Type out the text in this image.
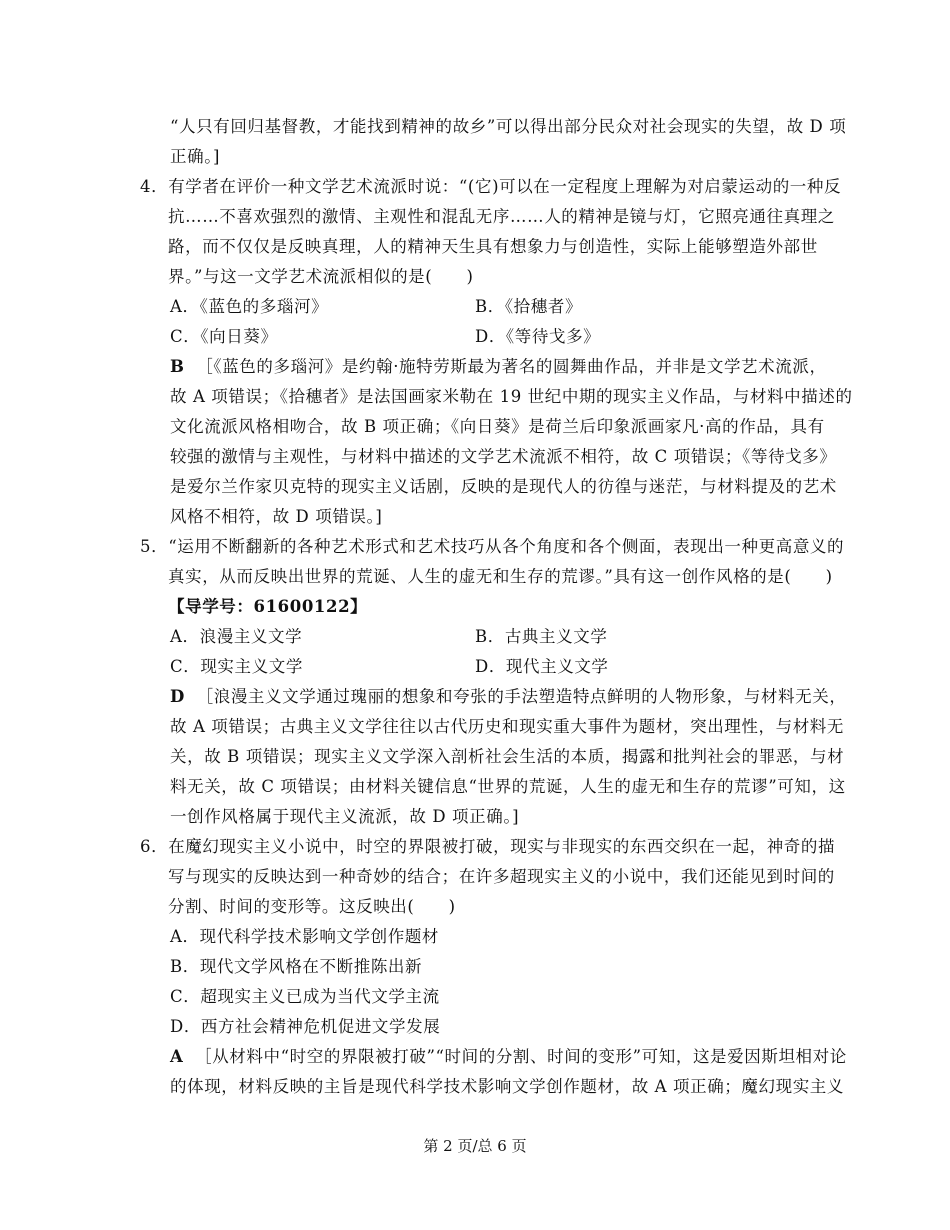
“人只有回归基督教，才能找到精神的故乡”可以得出部分民众对社会现实的失望，故 D 项
正确。]
4．有学者在评价一种文学艺术流派时说：“(它)可以在一定程度上理解为对启蒙运动的一种反
抗……不喜欢强烈的激情、主观性和混乱无序……人的精神是镜与灯，它照亮通往真理之
路，而不仅仅是反映真理，人的精神天生具有想象力与创造性，实际上能够塑造外部世
界。”与这一文学艺术流派相似的是(　　)
A．《蓝色的多瑙河》	B．《拾穗者》
C．《向日葵》	D．《等待戈多》
B ［《蓝色的多瑙河》是约翰·施特劳斯最为著名的圆舞曲作品，并非是文学艺术流派，
故 A 项错误；《拾穗者》是法国画家米勒在 19 世纪中期的现实主义作品，与材料中描述的
文化流派风格相吻合，故 B 项正确；《向日葵》是荷兰后印象派画家凡·高的作品，具有
较强的激情与主观性，与材料中描述的文学艺术流派不相符，故 C 项错误；《等待戈多》
是爱尔兰作家贝克特的现实主义话剧，反映的是现代人的彷徨与迷茫，与材料提及的艺术
风格不相符，故 D 项错误。]
5．“运用不断翻新的各种艺术形式和艺术技巧从各个角度和各个侧面，表现出一种更高意义的
真实，从而反映出世界的荒诞、人生的虚无和生存的荒谬。”具有这一创作风格的是(　　)
【导学号：61600122】
A．浪漫主义文学	B．古典主义文学
C．现实主义文学	D．现代主义文学
D ［浪漫主义文学通过瑰丽的想象和夸张的手法塑造特点鲜明的人物形象，与材料无关，
故 A 项错误；古典主义文学往往以古代历史和现实重大事件为题材，突出理性，与材料无
关，故 B 项错误；现实主义文学深入剖析社会生活的本质，揭露和批判社会的罪恶，与材
料无关，故 C 项错误；由材料关键信息“世界的荒诞，人生的虚无和生存的荒谬”可知，这
一创作风格属于现代主义流派，故 D 项正确。]
6．在魔幻现实主义小说中，时空的界限被打破，现实与非现实的东西交织在一起，神奇的描
写与现实的反映达到一种奇妙的结合；在许多超现实主义的小说中，我们还能见到时间的
分割、时间的变形等。这反映出(　　)
A．现代科学技术影响文学创作题材
B．现代文学风格在不断推陈出新
C．超现实主义已成为当代文学主流
D．西方社会精神危机促进文学发展
A ［从材料中“时空的界限被打破”“时间的分割、时间的变形”可知，这是爱因斯坦相对论
的体现，材料反映的主旨是现代科学技术影响文学创作题材，故 A 项正确；魔幻现实主义
第 2 页/总 6 页
